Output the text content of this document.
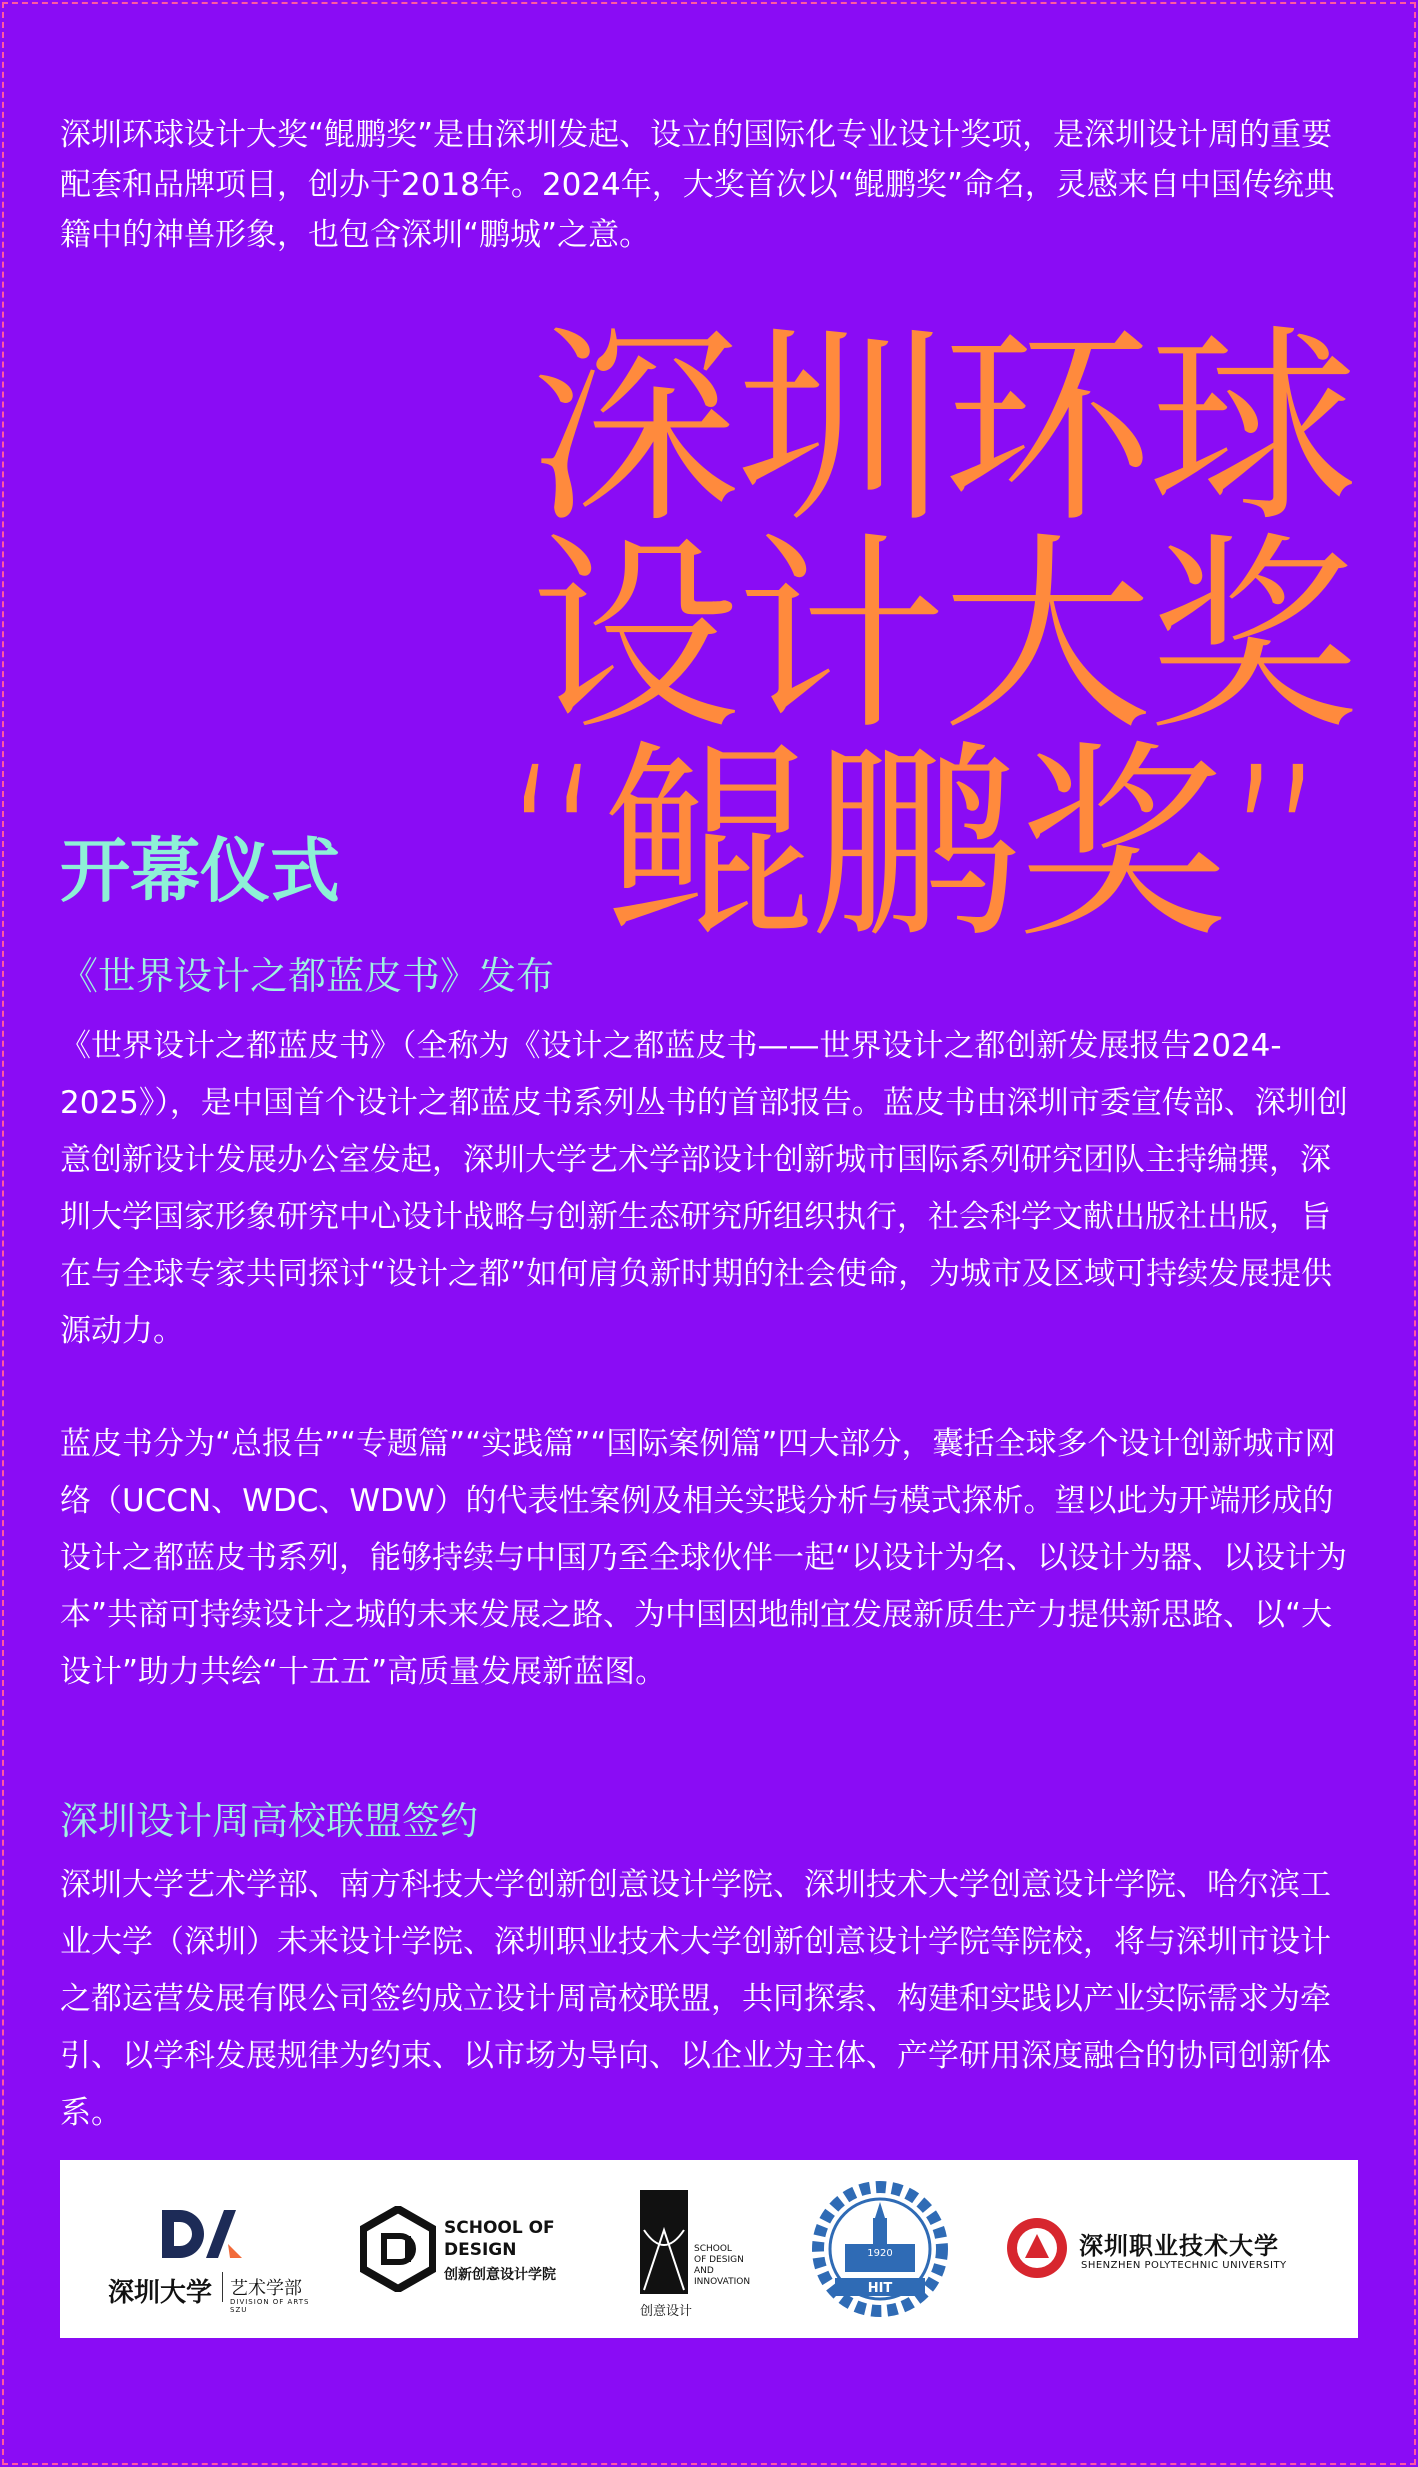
深圳环球设计大奖“鲲鹏奖”是由深圳发起、设立的国际化专业设计奖项，是深圳设计周的重要配套和品牌项目，创办于2018年。2024年，大奖首次以“鲲鹏奖”命名，灵感来自中国传统典籍中的神兽形象，也包含深圳“鹏城”之意。

深圳环球
设计大奖
“鲲鹏奖”
开幕仪式
《世界设计之都蓝皮书》发布

《世界设计之都蓝皮书》（全称为《设计之都蓝皮书——世界设计之都创新发展报告2024-2025》），是中国首个设计之都蓝皮书系列丛书的首部报告。蓝皮书由深圳市委宣传部、深圳创意创新设计发展办公室发起，深圳大学艺术学部设计创新城市国际系列研究团队主持编撰，深圳大学国家形象研究中心设计战略与创新生态研究所组织执行，社会科学文献出版社出版，旨在与全球专家共同探讨“设计之都”如何肩负新时期的社会使命，为城市及区域可持续发展提供源动力。

蓝皮书分为“总报告”“专题篇”“实践篇”“国际案例篇”四大部分，囊括全球多个设计创新城市网络（UCCN、WDC、WDW）的代表性案例及相关实践分析与模式探析。望以此为开端形成的设计之都蓝皮书系列，能够持续与中国乃至全球伙伴一起“以设计为名、以设计为器、以设计为本”共商可持续设计之城的未来发展之路、为中国因地制宜发展新质生产力提供新思路、以“大设计”助力共绘“十五五”高质量发展新蓝图。

深圳设计周高校联盟签约

深圳大学艺术学部、南方科技大学创新创意设计学院、深圳技术大学创意设计学院、哈尔滨工业大学（深圳）未来设计学院、深圳职业技术大学创新创意设计学院等院校，将与深圳市设计之都运营发展有限公司签约成立设计周高校联盟，共同探索、构建和实践以产业实际需求为牵引、以学科发展规律为约束、以市场为导向、以企业为主体、产学研用深度融合的协同创新体系。

深圳大学 艺术学部
DIVISION OF ARTS SZU
SCHOOL OF
DESIGN
创新创意设计学院
SCHOOL
OF DESIGN
AND
INNOVATION
创意设计
1920
HIT
深圳职业技术大学
SHENZHEN POLYTECHNIC UNIVERSITY
